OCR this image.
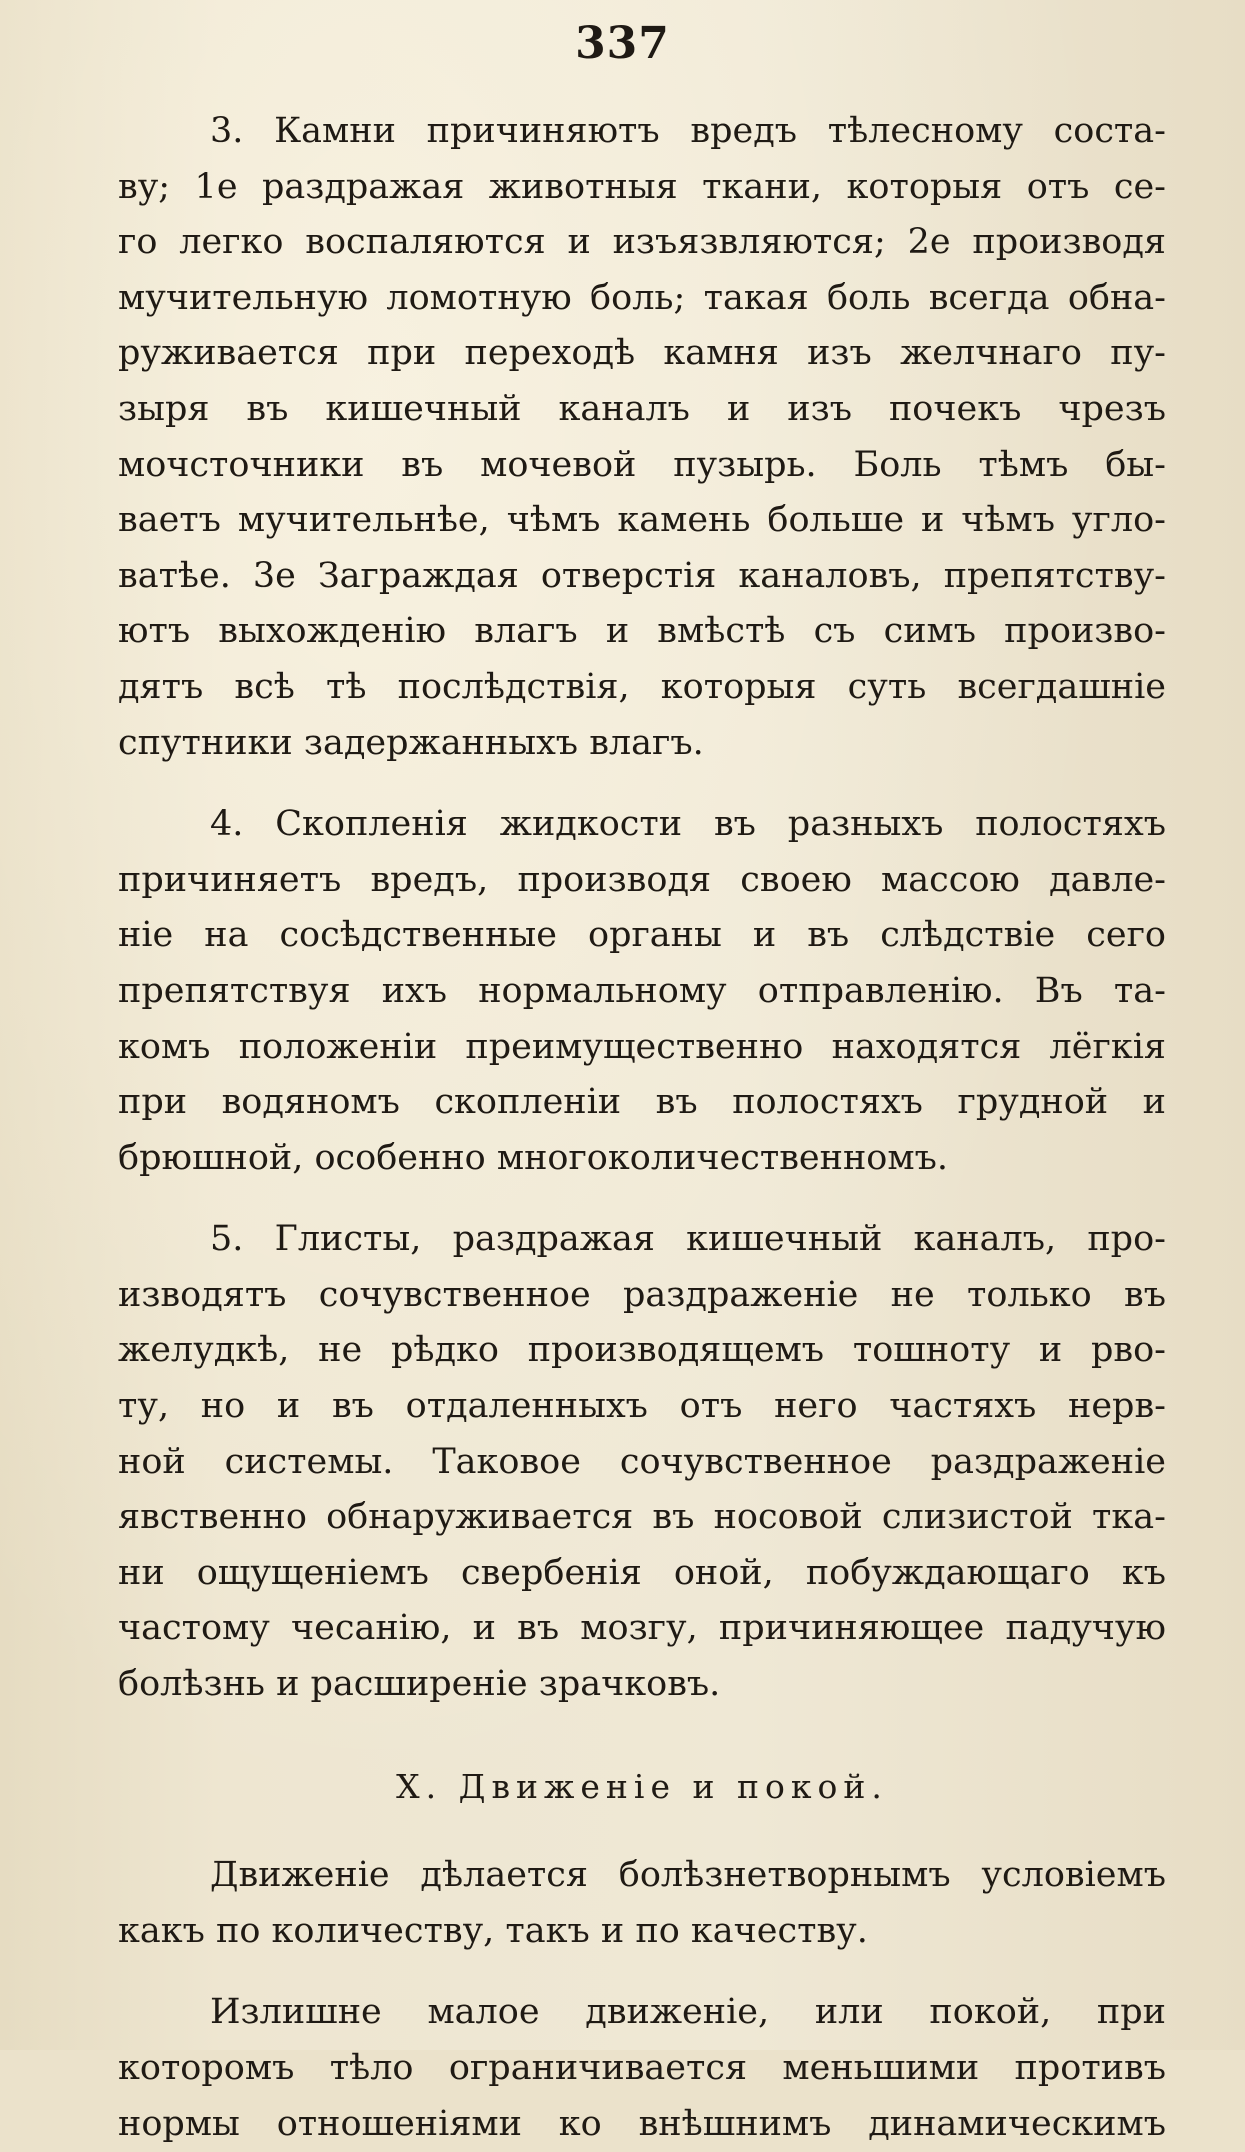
337
3. Камни причиняютъ вредъ тѣлесному соста-
ву; 1е раздражая животныя ткани, которыя отъ се-
го легко воспаляются и изъязвляются; 2е производя
мучительную ломотную боль; такая боль всегда обна-
руживается при переходѣ камня изъ желчнаго пу-
зыря въ кишечный каналъ и изъ почекъ чрезъ
мочсточники въ мочевой пузырь. Боль тѣмъ бы-
ваетъ мучительнѣе, чѣмъ камень больше и чѣмъ угло-
ватѣе. 3е Заграждая отверстія каналовъ, препятству-
ютъ выхожденію влагъ и вмѣстѣ съ симъ произво-
дятъ всѣ тѣ послѣдствія, которыя суть всегдашніе
спутники задержанныхъ влагъ.
4. Скопленія жидкости въ разныхъ полостяхъ
причиняетъ вредъ, производя своею массою давле-
ніе на сосѣдственные органы и въ слѣдствіе сего
препятствуя ихъ нормальному отправленію. Въ та-
комъ положеніи преимущественно находятся лёгкія
при водяномъ скопленіи въ полостяхъ грудной и
брюшной, особенно многоколичественномъ.
5. Глисты, раздражая кишечный каналъ, про-
изводятъ сочувственное раздраженіе не только въ
желудкѣ, не рѣдко производящемъ тошноту и рво-
ту, но и въ отдаленныхъ отъ него частяхъ нерв-
ной системы. Таковое сочувственное раздраженіе
явственно обнаруживается въ носовой слизистой тка-
ни ощущеніемъ свербенія оной, побуждающаго къ
частому чесанію, и въ мозгу, причиняющее падучую
болѣзнь и расширеніе зрачковъ.
X. Движеніе и покой.
Движеніе дѣлается болѣзнетворнымъ условіемъ
какъ по количеству, такъ и по качеству.
Излишне малое движеніе, или покой, при
которомъ тѣло ограничивается меньшими противъ
нормы отношеніями ко внѣшнимъ динамическимъ
